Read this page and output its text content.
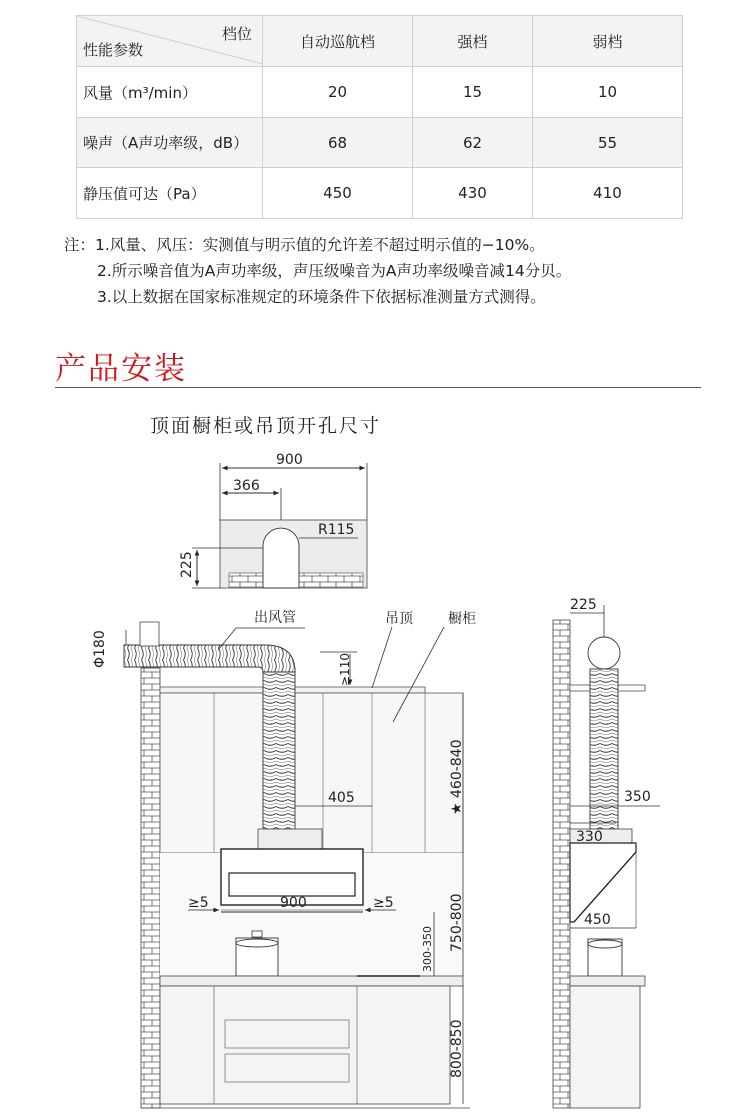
档位
性能参数	自动巡航档	强档	弱档
风量（m³/min）	20	15	10
噪声（A声功率级，dB）	68	62	55
静压值可达（Pa）	450	430	410
注：1.风量、风压：实测值与明示值的允许差不超过明示值的−10%。
2.所示噪音值为A声功率级，声压级噪音为A声功率级噪音减14分贝。
3.以上数据在国家标准规定的环境条件下依据标准测量方式测得。
产品安装
顶面橱柜或吊顶开孔尺寸
900
366
R115
225
出风管	吊顶	橱柜
Φ180
≥110
405	★ 460-840
≥5	900	≥5	750-800
300-350
800-850
225
350
330
450
